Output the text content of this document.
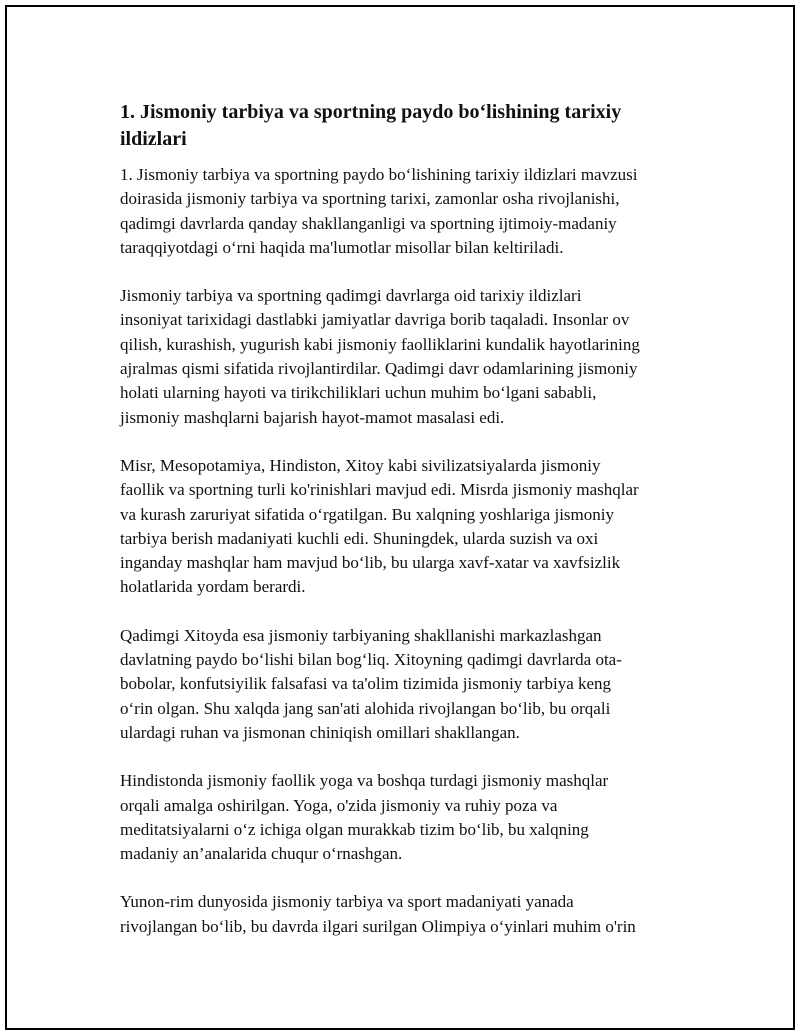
1. Jismoniy tarbiya va sportning paydo boʻlishining tarixiy
ildizlari

1. Jismoniy tarbiya va sportning paydo boʻlishining tarixiy ildizlari mavzusi
doirasida jismoniy tarbiya va sportning tarixi, zamonlar osha rivojlanishi,
qadimgi davrlarda qanday shakllanganligi va sportning ijtimoiy-madaniy
taraqqiyotdagi oʻrni haqida ma'lumotlar misollar bilan keltiriladi.

Jismoniy tarbiya va sportning qadimgi davrlarga oid tarixiy ildizlari
insoniyat tarixidagi dastlabki jamiyatlar davriga borib taqaladi. Insonlar ov
qilish, kurashish, yugurish kabi jismoniy faolliklarini kundalik hayotlarining
ajralmas qismi sifatida rivojlantirdilar. Qadimgi davr odamlarining jismoniy
holati ularning hayoti va tirikchiliklari uchun muhim boʻlgani sababli,
jismoniy mashqlarni bajarish hayot-mamot masalasi edi.

Misr, Mesopotamiya, Hindiston, Xitoy kabi sivilizatsiyalarda jismoniy
faollik va sportning turli ko'rinishlari mavjud edi. Misrda jismoniy mashqlar
va kurash zaruriyat sifatida oʻrgatilgan. Bu xalqning yoshlariga jismoniy
tarbiya berish madaniyati kuchli edi. Shuningdek, ularda suzish va oxi
inganday mashqlar ham mavjud boʻlib, bu ularga xavf-xatar va xavfsizlik
holatlarida yordam berardi.

Qadimgi Xitoyda esa jismoniy tarbiyaning shakllanishi markazlashgan
davlatning paydo boʻlishi bilan bogʻliq. Xitoyning qadimgi davrlarda ota-
bobolar, konfutsiyilik falsafasi va ta'olim tizimida jismoniy tarbiya keng
oʻrin olgan. Shu xalqda jang san'ati alohida rivojlangan boʻlib, bu orqali
ulardagi ruhan va jismonan chiniqish omillari shakllangan.

Hindistonda jismoniy faollik yoga va boshqa turdagi jismoniy mashqlar
orqali amalga oshirilgan. Yoga, o'zida jismoniy va ruhiy poza va
meditatsiyalarni oʻz ichiga olgan murakkab tizim boʻlib, bu xalqning
madaniy an’analarida chuqur oʻrnashgan.

Yunon-rim dunyosida jismoniy tarbiya va sport madaniyati yanada
rivojlangan boʻlib, bu davrda ilgari surilgan Olimpiya oʻyinlari muhim o'rin
